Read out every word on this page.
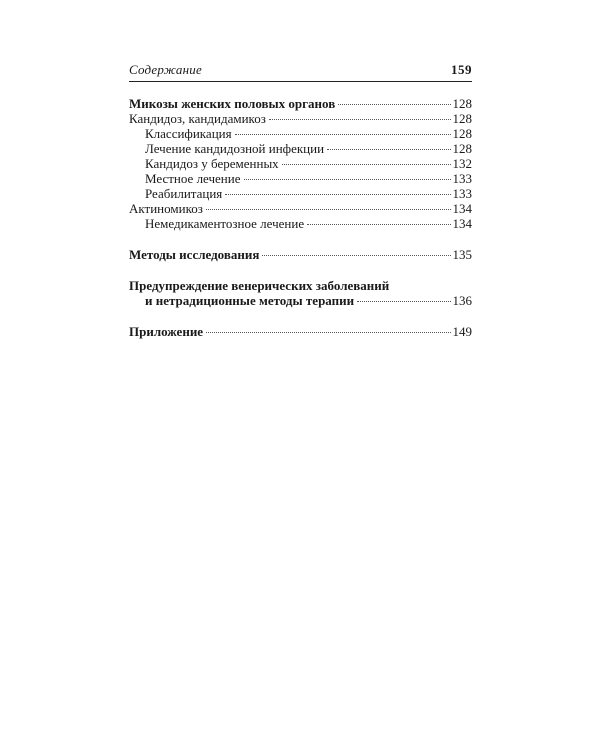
Содержание	159
Микозы женских половых органов	128
Кандидоз, кандидамикоз	128
Классификация	128
Лечение кандидозной инфекции	128
Кандидоз у беременных	132
Местное лечение	133
Реабилитация	133
Актиномикоз	134
Немедикаментозное лечение	134
Методы исследования	135
Предупреждение венерических заболеваний
и нетрадиционные методы терапии	136
Приложение	149
